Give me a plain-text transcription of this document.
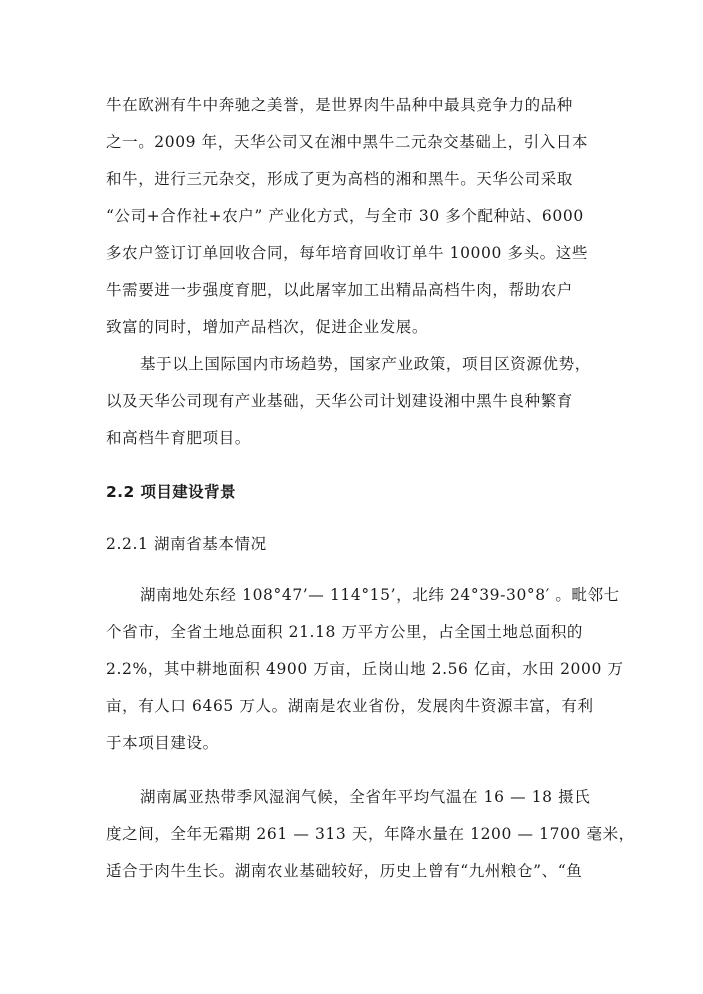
牛在欧洲有牛中奔驰之美誉，是世界肉牛品种中最具竞争力的品种
之一。2009 年，天华公司又在湘中黑牛二元杂交基础上，引入日本
和牛，进行三元杂交，形成了更为高档的湘和黑牛。天华公司采取
“公司+合作社+农户” 产业化方式，与全市 30 多个配种站、6000
多农户签订订单回收合同，每年培育回收订单牛 10000 多头。这些
牛需要进一步强度育肥，以此屠宰加工出精品高档牛肉，帮助农户
致富的同时，增加产品档次，促进企业发展。
基于以上国际国内市场趋势，国家产业政策，项目区资源优势，
以及天华公司现有产业基础，天华公司计划建设湘中黑牛良种繁育
和高档牛育肥项目。
2.2 项目建设背景
2.2.1 湖南省基本情况
湖南地处东经 108°47’— 114°15’，北纬 24°39-30°8′ 。毗邻七
个省市，全省土地总面积 21.18 万平方公里，占全国土地总面积的
2.2%，其中耕地面积 4900 万亩，丘岗山地 2.56 亿亩，水田 2000 万
亩，有人口 6465 万人。湖南是农业省份，发展肉牛资源丰富，有利
于本项目建设。
湖南属亚热带季风湿润气候，全省年平均气温在 16 — 18 摄氏
度之间，全年无霜期 261 — 313 天，年降水量在 1200 — 1700 毫米，
适合于肉牛生长。湖南农业基础较好，历史上曾有“九州粮仓”、“鱼
